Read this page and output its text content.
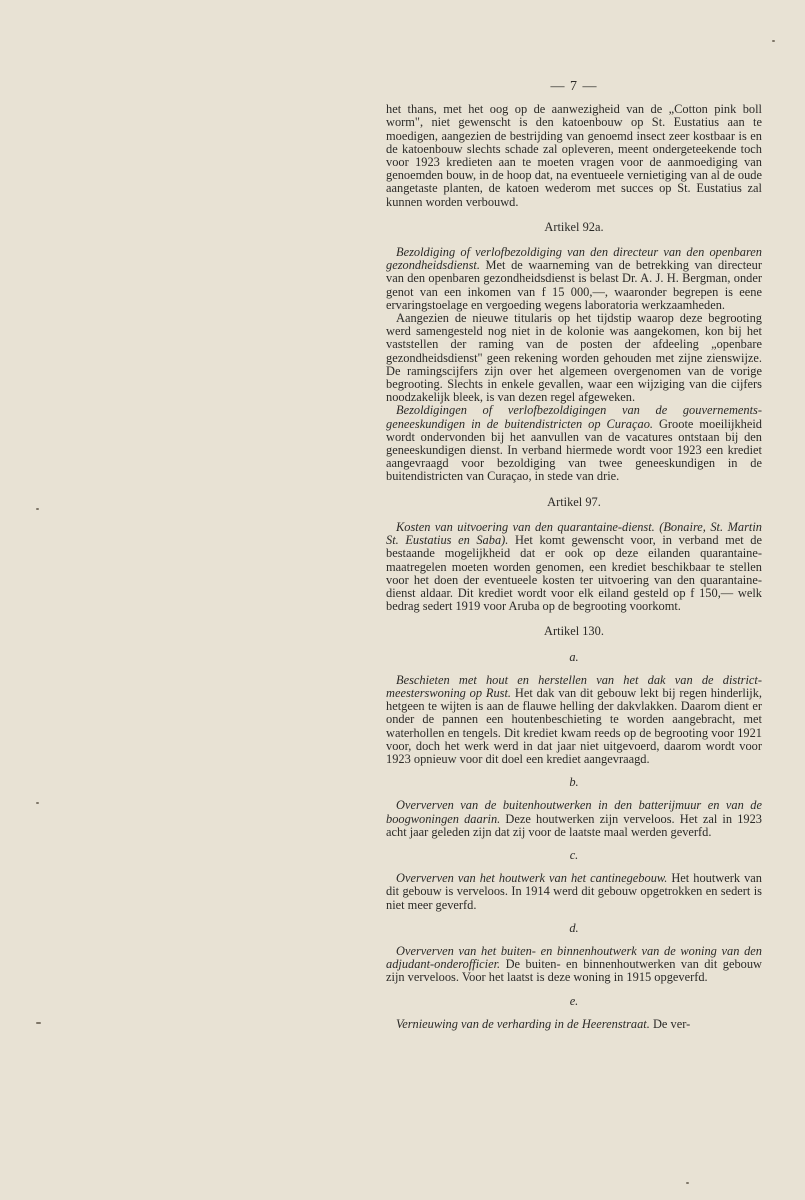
— 7 —

het thans, met het oog op de aanwezigheid van de „Cotton pink boll worm", niet gewenscht is den katoenbouw op St. Eustatius aan te moedigen, aangezien de bestrijding van genoemd insect zeer kostbaar is en de katoenbouw slechts schade zal opleveren, meent ondergeteekende toch voor 1923 kredieten aan te moeten vragen voor de aanmoediging van genoemden bouw, in de hoop dat, na eventueele vernietiging van al de oude aangetaste planten, de katoen wederom met succes op St. Eustatius zal kunnen worden verbouwd.

Artikel 92a.

Bezoldiging of verlofbezoldiging van den directeur van den openbaren gezondheidsdienst. Met de waarneming van de betrekking van directeur van den openbaren gezondheidsdienst is belast Dr. A. J. H. Bergman, onder genot van een inkomen van f 15 000,—, waaronder begrepen is eene ervaringstoelage en vergoeding wegens laboratoria werkzaamheden.

Aangezien de nieuwe titularis op het tijdstip waarop deze begrooting werd samengesteld nog niet in de kolonie was aangekomen, kon bij het vaststellen der raming van de posten der afdeeling „openbare gezondheidsdienst" geen rekening worden gehouden met zijne zienswijze. De ramingscijfers zijn over het algemeen overgenomen van de vorige begrooting. Slechts in enkele gevallen, waar een wijziging van die cijfers noodzakelijk bleek, is van dezen regel afgeweken.

Bezoldigingen of verlofbezoldigingen van de gouvernements-geneeskundigen in de buitendistricten op Curaçao. Groote moeilijkheid wordt ondervonden bij het aanvullen van de vacatures ontstaan bij den geneeskundigen dienst. In verband hiermede wordt voor 1923 een krediet aangevraagd voor bezoldiging van twee geneeskundigen in de buitendistricten van Curaçao, in stede van drie.

Artikel 97.

Kosten van uitvoering van den quarantaine-dienst. (Bonaire, St. Martin St. Eustatius en Saba). Het komt gewenscht voor, in verband met de bestaande mogelijkheid dat er ook op deze eilanden quarantaine-maatregelen moeten worden genomen, een krediet beschikbaar te stellen voor het doen der eventueele kosten ter uitvoering van den quarantaine-dienst aldaar. Dit krediet wordt voor elk eiland gesteld op f 150,— welk bedrag sedert 1919 voor Aruba op de begrooting voorkomt.

Artikel 130.
a.

Beschieten met hout en herstellen van het dak van de district-meesterswoning op Rust. Het dak van dit gebouw lekt bij regen hinderlijk, hetgeen te wijten is aan de flauwe helling der dakvlakken. Daarom dient er onder de pannen een houtenbeschieting te worden aangebracht, met waterhollen en tengels. Dit krediet kwam reeds op de begrooting voor 1921 voor, doch het werk werd in dat jaar niet uitgevoerd, daarom wordt voor 1923 opnieuw voor dit doel een krediet aangevraagd.

b.

Oververven van de buitenhoutwerken in den batterijmuur en van de boogwoningen daarin. Deze houtwerken zijn verveloos. Het zal in 1923 acht jaar geleden zijn dat zij voor de laatste maal werden geverfd.

c.

Oververven van het houtwerk van het cantinegebouw. Het houtwerk van dit gebouw is verveloos. In 1914 werd dit gebouw opgetrokken en sedert is niet meer geverfd.

d.

Oververven van het buiten- en binnenhoutwerk van de woning van den adjudant-onderofficier. De buiten- en binnenhoutwerken van dit gebouw zijn verveloos. Voor het laatst is deze woning in 1915 opgeverfd.

e.

Vernieuwing van de verharding in de Heerenstraat. De ver-
